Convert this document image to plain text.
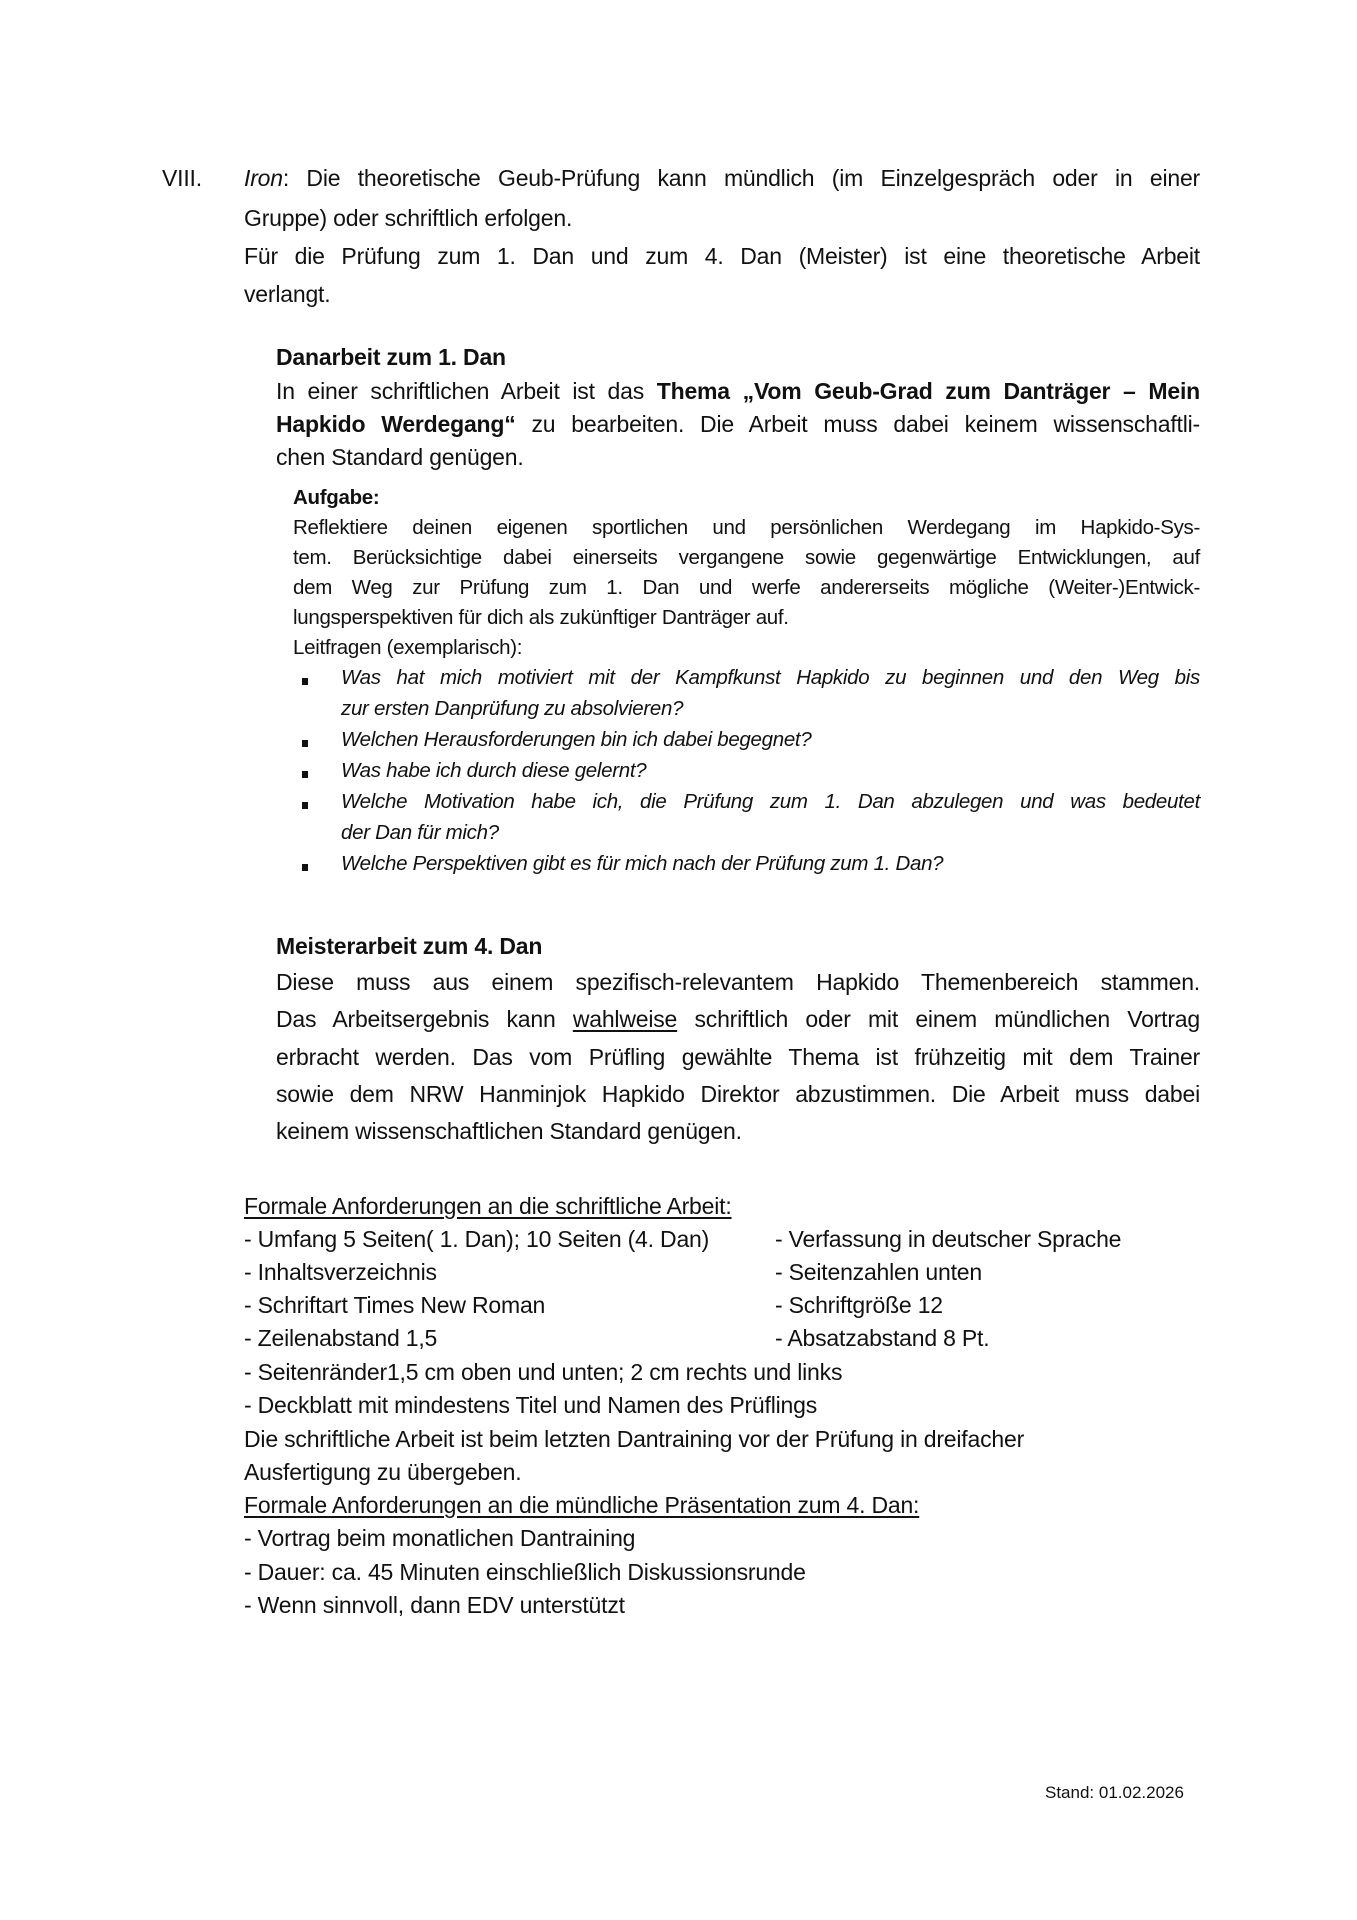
VIII. Iron: Die theoretische Geub-Prüfung kann mündlich (im Einzelgespräch oder in einer
Gruppe) oder schriftlich erfolgen.
Für die Prüfung zum 1. Dan und zum 4. Dan (Meister) ist eine theoretische Arbeit
verlangt.
Danarbeit zum 1. Dan
In einer schriftlichen Arbeit ist das Thema „Vom Geub-Grad zum Danträger – Mein
Hapkido Werdegang“ zu bearbeiten. Die Arbeit muss dabei keinem wissenschaftli-
chen Standard genügen.
Aufgabe:
Reflektiere deinen eigenen sportlichen und persönlichen Werdegang im Hapkido-Sys-
tem. Berücksichtige dabei einerseits vergangene sowie gegenwärtige Entwicklungen, auf
dem Weg zur Prüfung zum 1. Dan und werfe andererseits mögliche (Weiter-)Entwick-
lungsperspektiven für dich als zukünftiger Danträger auf.
Leitfragen (exemplarisch):
Was hat mich motiviert mit der Kampfkunst Hapkido zu beginnen und den Weg bis
zur ersten Danprüfung zu absolvieren?
Welchen Herausforderungen bin ich dabei begegnet?
Was habe ich durch diese gelernt?
Welche Motivation habe ich, die Prüfung zum 1. Dan abzulegen und was bedeutet
der Dan für mich?
Welche Perspektiven gibt es für mich nach der Prüfung zum 1. Dan?
Meisterarbeit zum 4. Dan
Diese muss aus einem spezifisch-relevantem Hapkido Themenbereich stammen.
Das Arbeitsergebnis kann wahlweise schriftlich oder mit einem mündlichen Vortrag
erbracht werden. Das vom Prüfling gewählte Thema ist frühzeitig mit dem Trainer
sowie dem NRW Hanminjok Hapkido Direktor abzustimmen. Die Arbeit muss dabei
keinem wissenschaftlichen Standard genügen.
Formale Anforderungen an die schriftliche Arbeit:
- Umfang 5 Seiten( 1. Dan); 10 Seiten (4. Dan)	- Verfassung in deutscher Sprache
- Inhaltsverzeichnis	- Seitenzahlen unten
- Schriftart Times New Roman	- Schriftgröße 12
- Zeilenabstand 1,5	- Absatzabstand 8 Pt.
- Seitenränder1,5 cm oben und unten; 2 cm rechts und links
- Deckblatt mit mindestens Titel und Namen des Prüflings
Die schriftliche Arbeit ist beim letzten Dantraining vor der Prüfung in dreifacher
Ausfertigung zu übergeben.
Formale Anforderungen an die mündliche Präsentation zum 4. Dan:
- Vortrag beim monatlichen Dantraining
- Dauer: ca. 45 Minuten einschließlich Diskussionsrunde
- Wenn sinnvoll, dann EDV unterstützt
Stand: 01.02.2026
